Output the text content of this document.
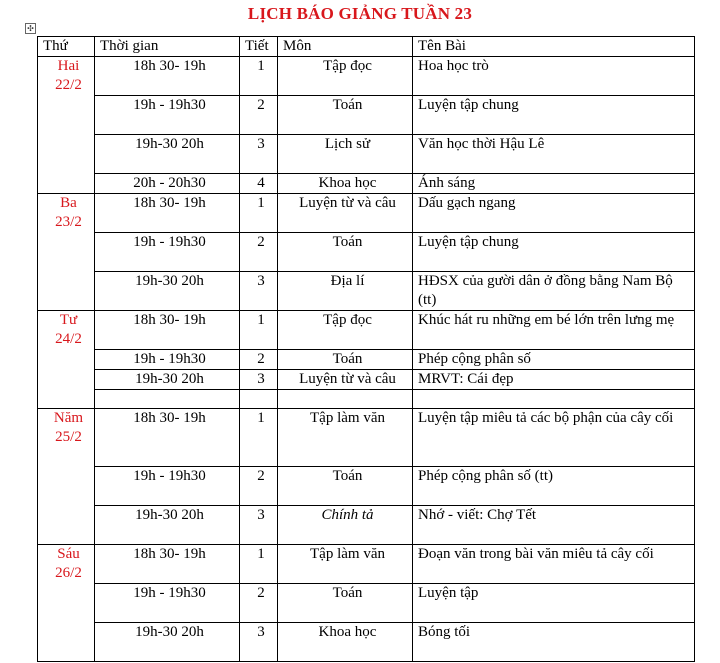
LỊCH BÁO GIẢNG TUẦN 23
✣
Thứ	Thời gian	Tiết	Môn	Tên Bài

Hai
22/2	18h 30- 19h	1	Tập đọc	Hoa học trò
	19h - 19h30	2	Toán	Luyện tập chung
	19h-30 20h	3	Lịch sử	Văn học thời Hậu Lê
	20h - 20h30	4	Khoa học	Ánh sáng

Ba
23/2	18h 30- 19h	1	Luyện từ và câu	Dấu gạch ngang
	19h - 19h30	2	Toán	Luyện tập chung
	19h-30 20h	3	Địa lí	HĐSX của gười dân ở đồng bằng Nam Bộ (tt)

Tư
24/2	18h 30- 19h	1	Tập đọc	Khúc hát ru những em bé lớn trên lưng mẹ
	19h - 19h30	2	Toán	Phép cộng phân số
	19h-30 20h	3	Luyện từ và câu	MRVT: Cái đẹp

Năm
25/2	18h 30- 19h	1	Tập làm văn	Luyện tập miêu tả các bộ phận của cây cối
	19h - 19h30	2	Toán	Phép cộng phân số (tt)
	19h-30 20h	3	Chính tả	Nhớ - viết: Chợ Tết

Sáu
26/2	18h 30- 19h	1	Tập làm văn	Đoạn văn trong bài văn miêu tả cây cối
	19h - 19h30	2	Toán	Luyện tập
	19h-30 20h	3	Khoa học	Bóng tối
